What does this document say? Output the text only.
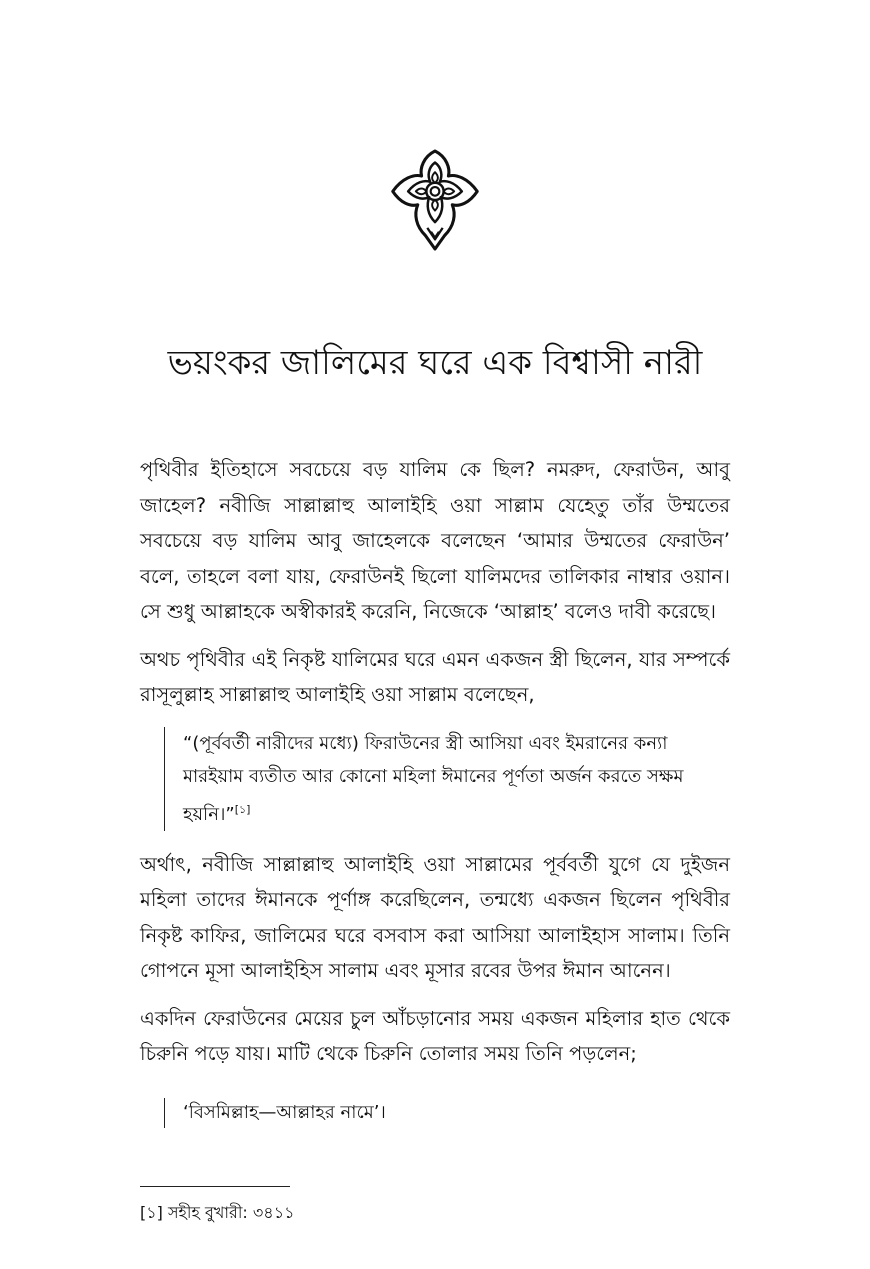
ভয়ংকর জালিমের ঘরে এক বিশ্বাসী নারী

পৃথিবীর ইতিহাসে সবচেয়ে বড় যালিম কে ছিল? নমরুদ, ফেরাউন, আবু জাহেল? নবীজি সাল্লাল্লাহু আলাইহি ওয়া সাল্লাম যেহেতু তাঁর উম্মতের সবচেয়ে বড় যালিম আবু জাহেলকে বলেছেন ‘আমার উম্মতের ফেরাউন’ বলে, তাহলে বলা যায়, ফেরাউনই ছিলো যালিমদের তালিকার নাম্বার ওয়ান। সে শুধু আল্লাহকে অস্বীকারই করেনি, নিজেকে ‘আল্লাহ’ বলেও দাবী করেছে।

অথচ পৃথিবীর এই নিকৃষ্ট যালিমের ঘরে এমন একজন স্ত্রী ছিলেন, যার সম্পর্কে রাসূলুল্লাহ সাল্লাল্লাহু আলাইহি ওয়া সাল্লাম বলেছেন,

“(পূর্ববর্তী নারীদের মধ্যে) ফিরাউনের স্ত্রী আসিয়া এবং ইমরানের কন্যা মারইয়াম ব্যতীত আর কোনো মহিলা ঈমানের পূর্ণতা অর্জন করতে সক্ষম হয়নি।”[১]

অর্থাৎ, নবীজি সাল্লাল্লাহু আলাইহি ওয়া সাল্লামের পূর্ববর্তী যুগে যে দুইজন মহিলা তাদের ঈমানকে পূর্ণাঙ্গ করেছিলেন, তন্মধ্যে একজন ছিলেন পৃথিবীর নিকৃষ্ট কাফির, জালিমের ঘরে বসবাস করা আসিয়া আলাইহাস সালাম। তিনি গোপনে মূসা আলাইহিস সালাম এবং মূসার রবের উপর ঈমান আনেন।

একদিন ফেরাউনের মেয়ের চুল আঁচড়ানোর সময় একজন মহিলার হাত থেকে চিরুনি পড়ে যায়। মাটি থেকে চিরুনি তোলার সময় তিনি পড়লেন;

‘বিসমিল্লাহ—আল্লাহর নামে’।
[১] সহীহ বুখারী: ৩৪১১
